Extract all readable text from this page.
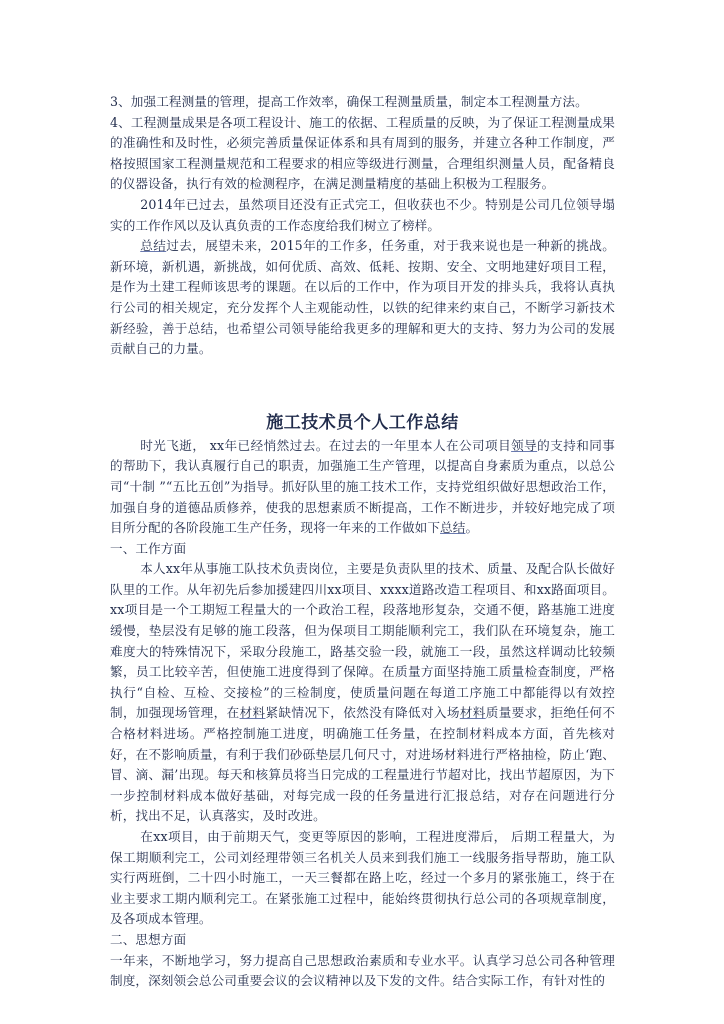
3、加强工程测量的管理，提高工作效率，确保工程测量质量，制定本工程测量方法。

4、工程测量成果是各项工程设计、施工的依据、工程质量的反映，为了保证工程测量成果的准确性和及时性，必须完善质量保证体系和具有周到的服务，并建立各种工作制度，严格按照国家工程测量规范和工程要求的相应等级进行测量，合理组织测量人员，配备精良的仪器设备，执行有效的检测程序，在满足测量精度的基础上积极为工程服务。

2014年已过去，虽然项目还没有正式完工，但收获也不少。特别是公司几位领导塌实的工作作风以及认真负责的工作态度给我们树立了榜样。

总结过去，展望未来，2015年的工作多，任务重，对于我来说也是一种新的挑战。新环境，新机遇，新挑战，如何优质、高效、低耗、按期、安全、文明地建好项目工程，是作为土建工程师该思考的课题。在以后的工作中，作为项目开发的排头兵，我将认真执行公司的相关规定，充分发挥个人主观能动性，以铁的纪律来约束自己，不断学习新技术新经验，善于总结，也希望公司领导能给我更多的理解和更大的支持、努力为公司的发展贡献自己的力量。

施工技术员个人工作总结

时光飞逝， xx年已经悄然过去。在过去的一年里本人在公司项目领导的支持和同事的帮助下，我认真履行自己的职责，加强施工生产管理，以提高自身素质为重点，以总公司“十制 ”“五比五创”为指导。抓好队里的施工技术工作，支持党组织做好思想政治工作，加强自身的道德品质修养，使我的思想素质不断提高，工作不断进步，并较好地完成了项目所分配的各阶段施工生产任务，现将一年来的工作做如下总结。

一、工作方面

本人xx年从事施工队技术负责岗位，主要是负责队里的技术、质量、及配合队长做好队里的工作。从年初先后参加援建四川xx项目、xxxx道路改造工程项目、和xx路面项目。xx项目是一个工期短工程量大的一个政治工程，段落地形复杂，交通不便，路基施工进度缓慢，垫层没有足够的施工段落，但为保项目工期能顺利完工，我们队在环境复杂，施工难度大的特殊情况下，采取分段施工，路基交验一段，就施工一段，虽然这样调动比较频繁，员工比较辛苦，但使施工进度得到了保障。在质量方面坚持施工质量检查制度，严格执行“自检、互检、交接检”的三检制度，使质量问题在每道工序施工中都能得以有效控制，加强现场管理，在材料紧缺情况下，依然没有降低对入场材料质量要求，拒绝任何不合格材料进场。严格控制施工进度，明确施工任务量，在控制材料成本方面，首先核对好，在不影响质量，有利于我们砂砾垫层几何尺寸，对进场材料进行严格抽检，防止‘跑、冒、滴、漏’出现。每天和核算员将当日完成的工程量进行节超对比，找出节超原因，为下一步控制材料成本做好基础，对每完成一段的任务量进行汇报总结，对存在问题进行分析，找出不足，认真落实，及时改进。

在xx项目，由于前期天气，变更等原因的影响，工程进度滞后， 后期工程量大，为保工期顺利完工，公司刘经理带领三名机关人员来到我们施工一线服务指导帮助，施工队实行两班倒，二十四小时施工，一天三餐都在路上吃，经过一个多月的紧张施工，终于在业主要求工期内顺利完工。在紧张施工过程中，能始终贯彻执行总公司的各项规章制度，及各项成本管理。

二、思想方面

一年来，不断地学习，努力提高自己思想政治素质和专业水平。认真学习总公司各种管理制度，深刻领会总公司重要会议的会议精神以及下发的文件。结合实际工作，有针对性的
